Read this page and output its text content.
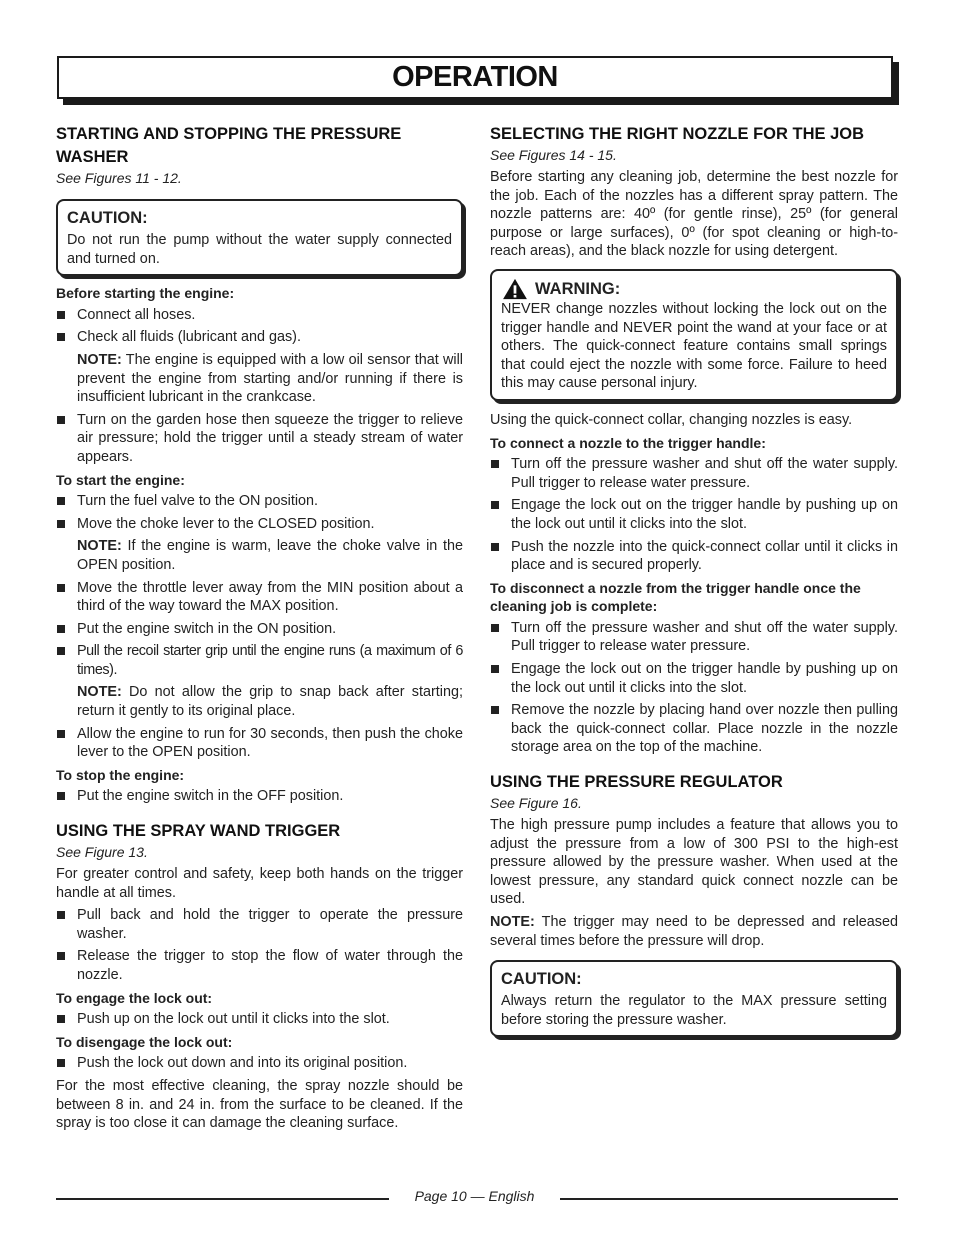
OPERATION
STARTING AND STOPPING THE PRESSURE WASHER
See Figures 11 - 12.
CAUTION:
Do not run the pump without the water supply connected and turned on.
Before starting the engine:
Connect all hoses.
Check all fluids (lubricant and gas).

NOTE: The engine is equipped with a low oil sensor that will prevent the engine from starting and/or running if there is insufficient lubricant in the crankcase.

Turn on the garden hose then squeeze the trigger to relieve air pressure; hold the trigger until a steady stream of water appears.
To start the engine:
Turn the fuel valve to the ON position.
Move the choke lever to the CLOSED position.

NOTE: If the engine is warm, leave the choke valve in the OPEN position.

Move the throttle lever away from the MIN position about a third of the way toward the MAX position.
Put the engine switch in the ON position.
Pull the recoil starter grip until the engine runs (a maximum of 6 times).

NOTE: Do not allow the grip to snap back after starting; return it gently to its original place.

Allow the engine to run for 30 seconds, then push the choke lever to the OPEN position.
To stop the engine:
Put the engine switch in the OFF position.
USING THE SPRAY WAND TRIGGER
See Figure 13.

For greater control and safety, keep both hands on the trigger handle at all times.

Pull back and hold the trigger to operate the pressure washer.
Release the trigger to stop the flow of water through the nozzle.
To engage the lock out:
Push up on the lock out until it clicks into the slot.
To disengage the lock out:
Push the lock out down and into its original position.

For the most effective cleaning, the spray nozzle should be between 8 in. and 24 in. from the surface to be cleaned. If the spray is too close it can damage the cleaning surface.

SELECTING THE RIGHT NOZZLE FOR THE JOB
See Figures 14 - 15.

Before starting any cleaning job, determine the best nozzle for the job. Each of the nozzles has a different spray pattern. The nozzle patterns are: 40º (for gentle rinse), 25º (for general purpose or large surfaces), 0º (for spot cleaning or high-to-reach areas), and the black nozzle for using detergent.

WARNING:
NEVER change nozzles without locking the lock out on the trigger handle and NEVER point the wand at your face or at others. The quick-connect feature contains small springs that could eject the nozzle with some force. Failure to heed this may cause personal injury.

Using the quick-connect collar, changing nozzles is easy.

To connect a nozzle to the trigger handle:
Turn off the pressure washer and shut off the water supply. Pull trigger to release water pressure.
Engage the lock out on the trigger handle by pushing up on the lock out until it clicks into the slot.
Push the nozzle into the quick-connect collar until it clicks in place and is secured properly.
To disconnect a nozzle from the trigger handle once the cleaning job is complete:
Turn off the pressure washer and shut off the water supply. Pull trigger to release water pressure.
Engage the lock out on the trigger handle by pushing up on the lock out until it clicks into the slot.
Remove the nozzle by placing hand over nozzle then pulling back the quick-connect collar. Place nozzle in the nozzle storage area on the top of the machine.
USING THE PRESSURE REGULATOR
See Figure 16.

The high pressure pump includes a feature that allows you to adjust the pressure from a low of 300 PSI to the high-est pressure allowed by the pressure washer. When used at the lowest pressure, any standard quick connect nozzle can be used.

NOTE: The trigger may need to be depressed and released several times before the pressure will drop.

CAUTION:
Always return the regulator to the MAX pressure setting before storing the pressure washer.
Page 10 — English
